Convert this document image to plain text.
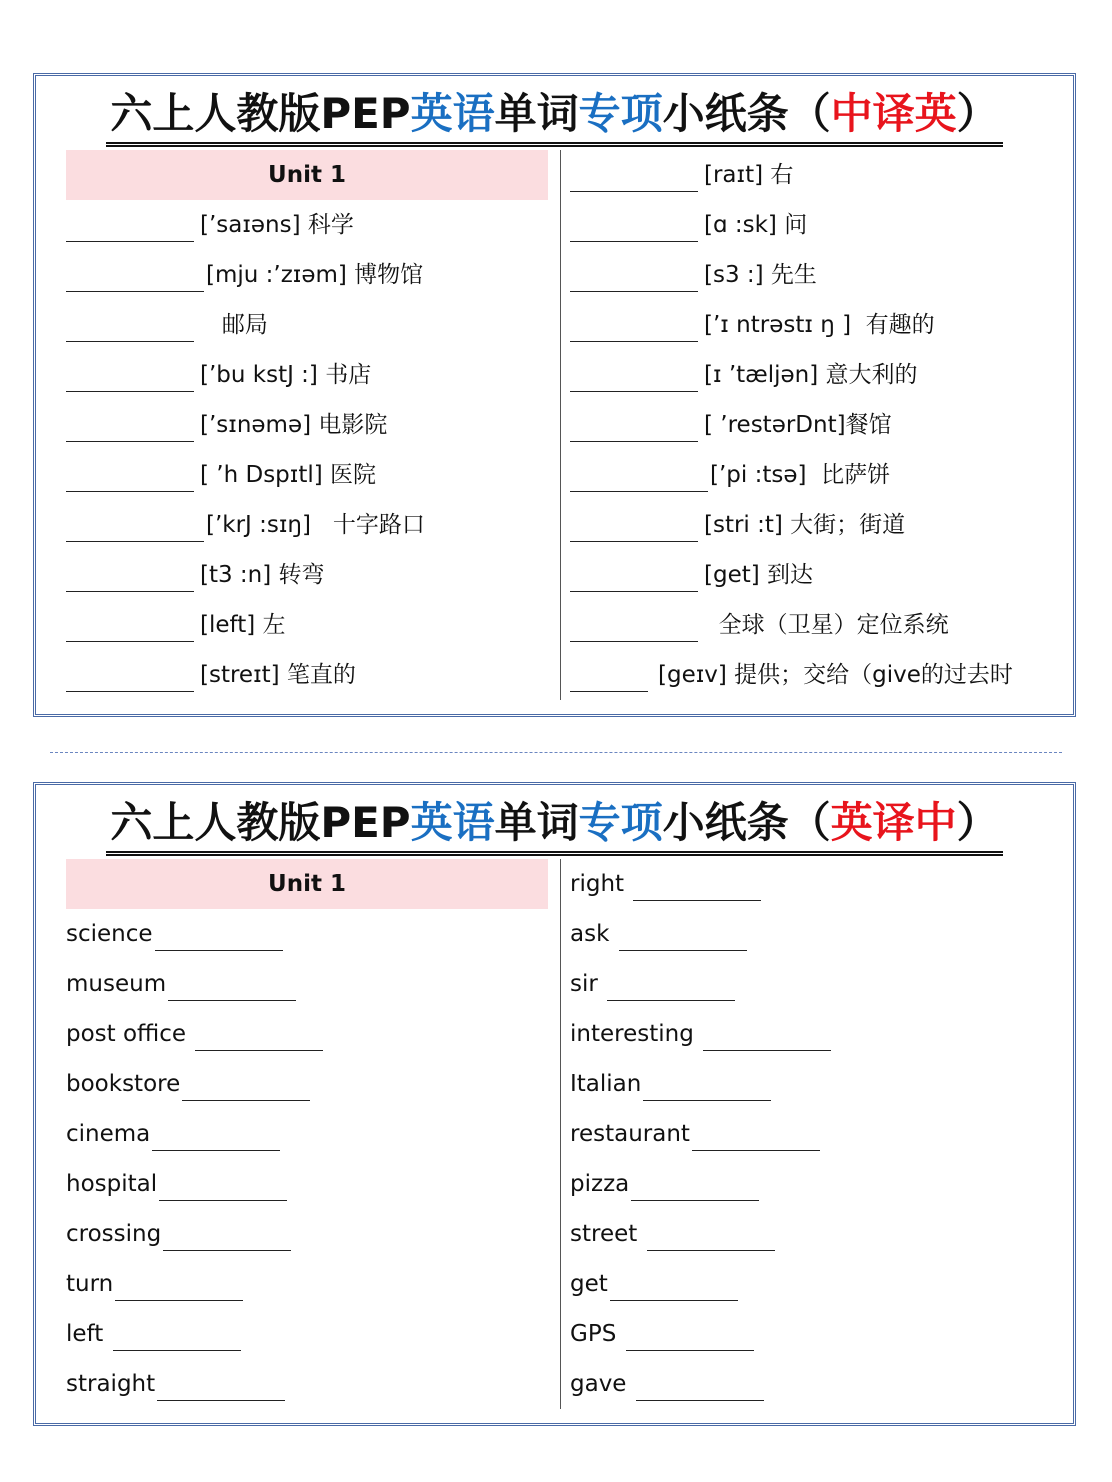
六上人教版PEP英语单词专项小纸条（中译英）
Unit 1
[’saɪəns] 科学
[mju :’zɪəm] 博物馆
邮局
[’bu kstJ :] 书店
[’sɪnəmə] 电影院
[ ’h Dspɪtl] 医院
[’krJ :sɪŋ]   十字路口
[t3 :n] 转弯
[left] 左
[streɪt] 笔直的
[raɪt] 右
[ɑ :sk] 问
[s3 :] 先生
[’ɪ ntrəstɪ ŋ ]  有趣的
[ɪ ’tæljən] 意大利的
[ ’restərDnt]餐馆
[’pi :tsə]  比萨饼
[stri :t] 大街；街道
[get] 到达
全球（卫星）定位系统
[geɪv] 提供；交给（give的过去时
六上人教版PEP英语单词专项小纸条（英译中）
Unit 1
science
museum
post office
bookstore
cinema
hospital
crossing
turn
left
straight
right
ask
sir
interesting
Italian
restaurant
pizza
street
get
GPS
gave
